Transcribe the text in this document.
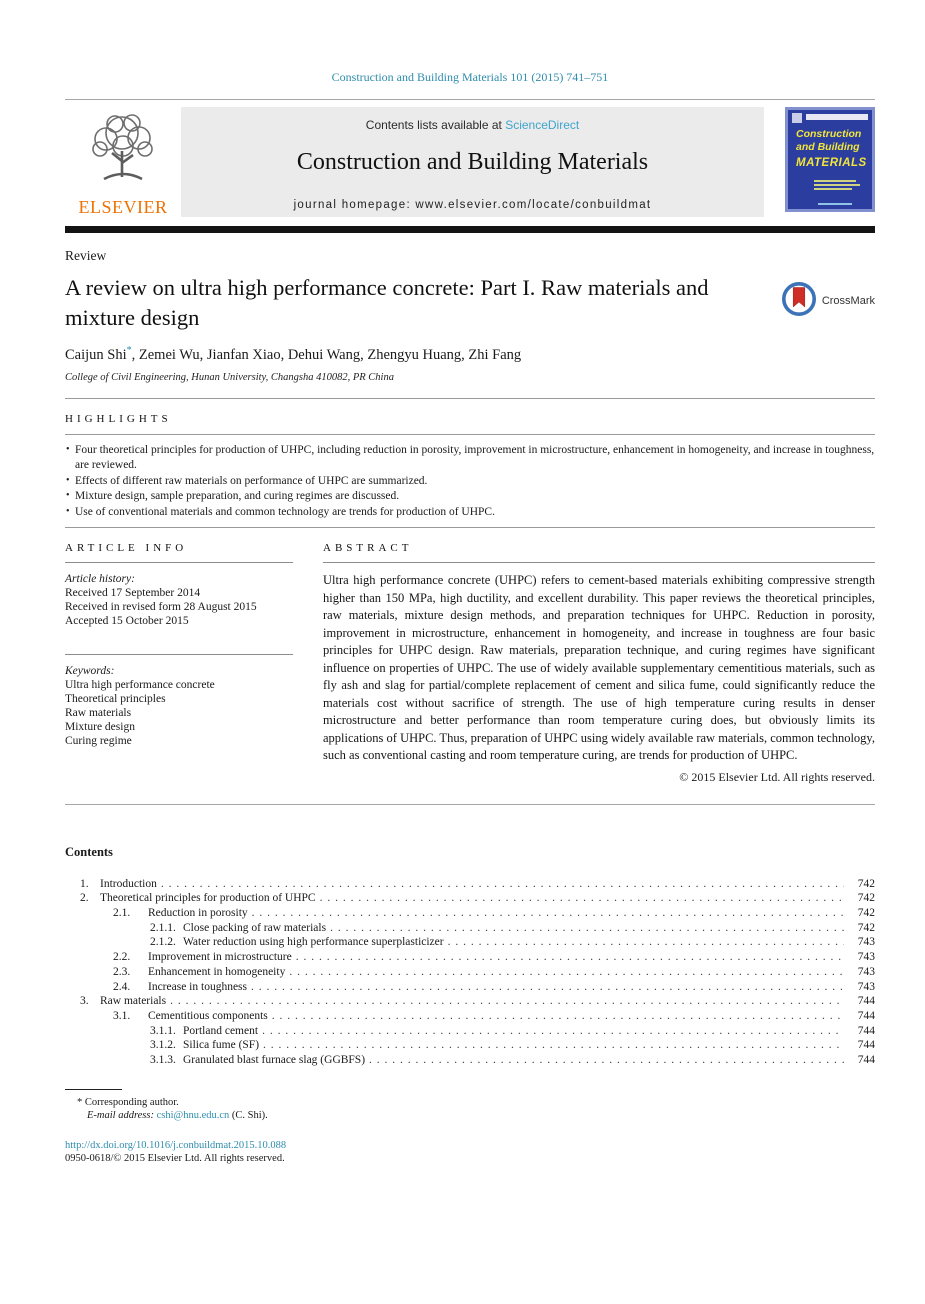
Construction and Building Materials 101 (2015) 741–751
ELSEVIER
Contents lists available at ScienceDirect
Construction and Building Materials
journal homepage: www.elsevier.com/locate/conbuildmat
Construction
and Building
MATERIALS
Review
A review on ultra high performance concrete: Part I. Raw materials and mixture design
CrossMark
Caijun Shi*, Zemei Wu, Jianfan Xiao, Dehui Wang, Zhengyu Huang, Zhi Fang
College of Civil Engineering, Hunan University, Changsha 410082, PR China
HIGHLIGHTS
• Four theoretical principles for production of UHPC, including reduction in porosity, improvement in microstructure, enhancement in homogeneity, and increase in toughness, are reviewed.
• Effects of different raw materials on performance of UHPC are summarized.
• Mixture design, sample preparation, and curing regimes are discussed.
• Use of conventional materials and common technology are trends for production of UHPC.
ARTICLE INFO
Article history:
Received 17 September 2014
Received in revised form 28 August 2015
Accepted 15 October 2015
Keywords:
Ultra high performance concrete
Theoretical principles
Raw materials
Mixture design
Curing regime
ABSTRACT
Ultra high performance concrete (UHPC) refers to cement-based materials exhibiting compressive strength higher than 150 MPa, high ductility, and excellent durability. This paper reviews the theoretical principles, raw materials, mixture design methods, and preparation techniques for UHPC. Reduction in porosity, improvement in microstructure, enhancement in homogeneity, and increase in toughness are four basic principles for UHPC design. Raw materials, preparation technique, and curing regimes have significant influence on properties of UHPC. The use of widely available supplementary cementitious materials, such as fly ash and slag for partial/complete replacement of cement and silica fume, could significantly reduce the materials cost without sacrifice of strength. The use of high temperature curing results in denser microstructure and better performance than room temperature curing does, but obviously limits its applications of UHPC. Thus, preparation of UHPC using widely available raw materials, common technology, such as conventional casting and room temperature curing, are trends for production of UHPC.
© 2015 Elsevier Ltd. All rights reserved.
Contents
1. Introduction . . .	742
2. Theoretical principles for production of UHPC . . .	742
2.1.	Reduction in porosity . . .	742
2.1.1. Close packing of raw materials . . .	742
2.1.2. Water reduction using high performance superplasticizer . . .	743
2.2.	Improvement in microstructure . . .	743
2.3.	Enhancement in homogeneity . . .	743
2.4.	Increase in toughness . . .	743
3. Raw materials . . .	744
3.1.	Cementitious components . . .	744
3.1.1. Portland cement . . .	744
3.1.2. Silica fume (SF) . . .	744
3.1.3. Granulated blast furnace slag (GGBFS) . . .	744
* Corresponding author.
E-mail address: cshi@hnu.edu.cn (C. Shi).
http://dx.doi.org/10.1016/j.conbuildmat.2015.10.088
0950-0618/© 2015 Elsevier Ltd. All rights reserved.
